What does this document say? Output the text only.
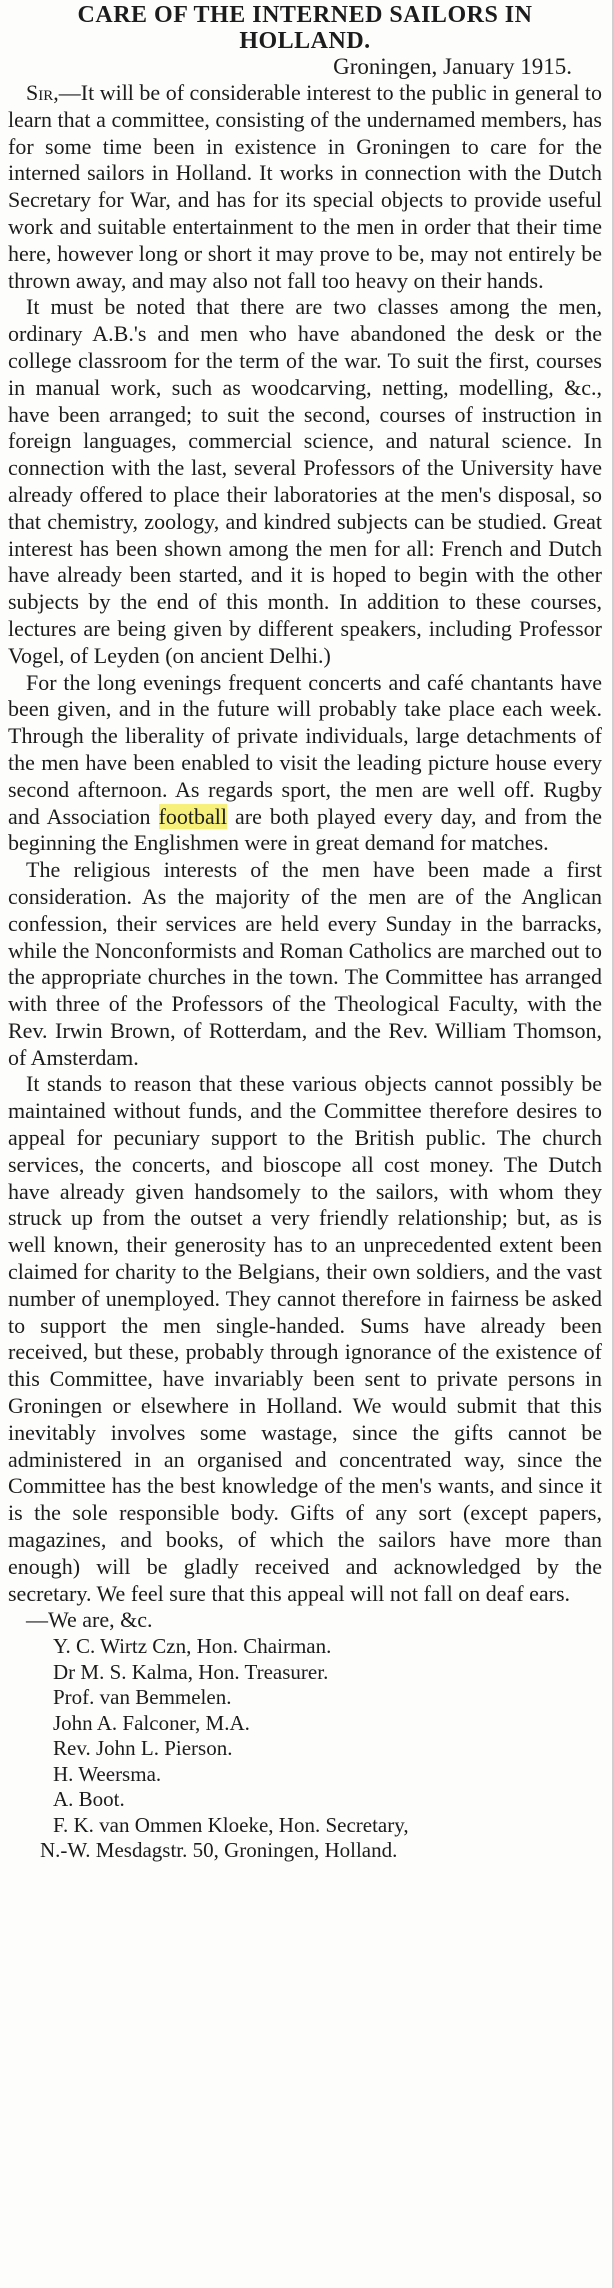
CARE OF THE INTERNED SAILORS IN
HOLLAND.
Groningen, January 1915.

Sir,—It will be of considerable interest to the public in general to learn that a committee, consisting of the undernamed members, has for some time been in existence in Groningen to care for the interned sailors in Holland. It works in connection with the Dutch Secretary for War, and has for its special objects to provide useful work and suitable entertainment to the men in order that their time here, however long or short it may prove to be, may not entirely be thrown away, and may also not fall too heavy on their hands.

It must be noted that there are two classes among the men, ordinary A.B.'s and men who have abandoned the desk or the college classroom for the term of the war. To suit the first, courses in manual work, such as woodcarving, netting, modelling, &c., have been arranged; to suit the second, courses of instruction in foreign languages, commercial science, and natural science. In connection with the last, several Professors of the University have already offered to place their laboratories at the men's disposal, so that chemistry, zoology, and kindred subjects can be studied. Great interest has been shown among the men for all: French and Dutch have already been started, and it is hoped to begin with the other subjects by the end of this month. In addition to these courses, lectures are being given by different speakers, including Professor Vogel, of Leyden (on ancient Delhi.)

For the long evenings frequent concerts and café chantants have been given, and in the future will probably take place each week. Through the liberality of private individuals, large detachments of the men have been enabled to visit the leading picture house every second afternoon. As regards sport, the men are well off. Rugby and Association football are both played every day, and from the beginning the Englishmen were in great demand for matches.

The religious interests of the men have been made a first consideration. As the majority of the men are of the Anglican confession, their services are held every Sunday in the barracks, while the Nonconformists and Roman Catholics are marched out to the appropriate churches in the town. The Committee has arranged with three of the Professors of the Theological Faculty, with the Rev. Irwin Brown, of Rotterdam, and the Rev. William Thomson, of Amsterdam.

It stands to reason that these various objects cannot possibly be maintained without funds, and the Committee therefore desires to appeal for pecuniary support to the British public. The church services, the concerts, and bioscope all cost money. The Dutch have already given handsomely to the sailors, with whom they struck up from the outset a very friendly relationship; but, as is well known, their generosity has to an unprecedented extent been claimed for charity to the Belgians, their own soldiers, and the vast number of unemployed. They cannot therefore in fairness be asked to support the men single-handed. Sums have already been received, but these, probably through ignorance of the existence of this Committee, have invariably been sent to private persons in Groningen or elsewhere in Holland. We would submit that this inevitably involves some wastage, since the gifts cannot be administered in an organised and concentrated way, since the Committee has the best knowledge of the men's wants, and since it is the sole responsible body. Gifts of any sort (except papers, magazines, and books, of which the sailors have more than enough) will be gladly received and acknowledged by the secretary. We feel sure that this appeal will not fall on deaf ears.

—We are, &c.

Y. C. Wirtz Czn, Hon. Chairman.
Dr M. S. Kalma, Hon. Treasurer.
Prof. van Bemmelen.
John A. Falconer, M.A.
Rev. John L. Pierson.
H. Weersma.
A. Boot.
F. K. van Ommen Kloeke, Hon. Secretary,
N.-W. Mesdagstr. 50, Groningen, Holland.
